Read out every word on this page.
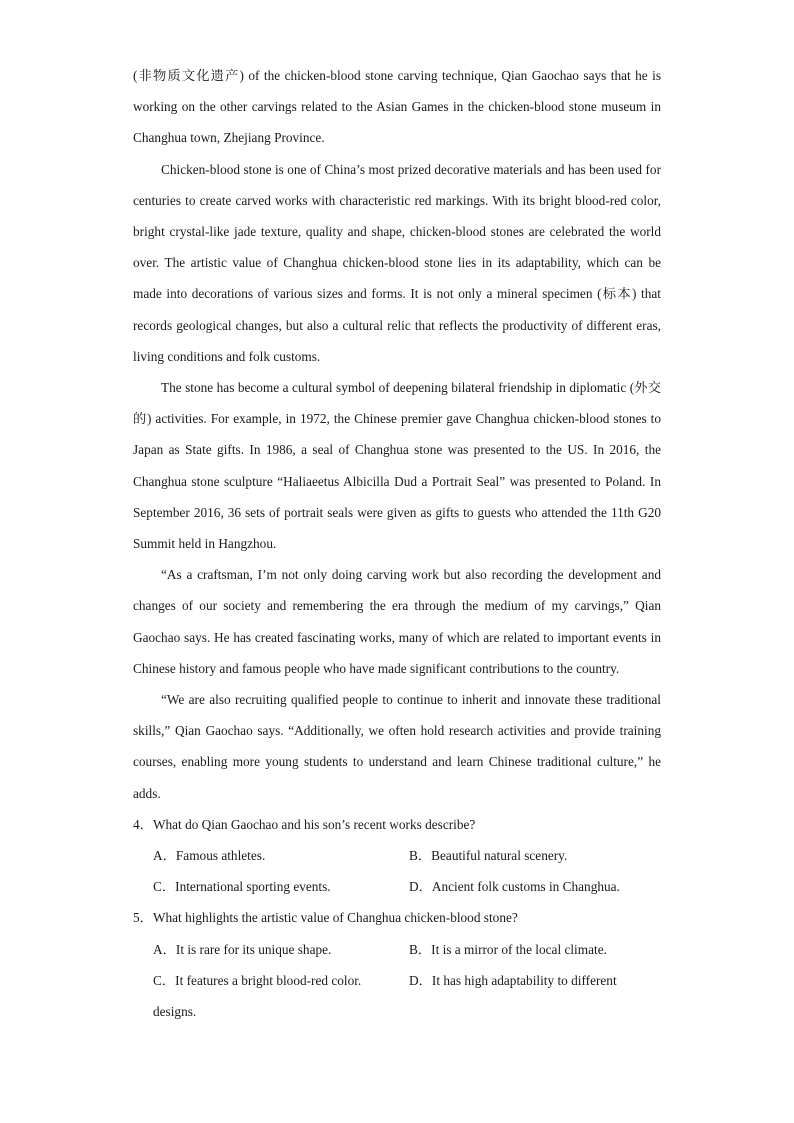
(非物质文化遗产) of the chicken-blood stone carving technique, Qian Gaochao says that he is working on the other carvings related to the Asian Games in the chicken-blood stone museum in Changhua town, Zhejiang Province.

Chicken-blood stone is one of China’s most prized decorative materials and has been used for centuries to create carved works with characteristic red markings. With its bright blood-red color, bright crystal-like jade texture, quality and shape, chicken-blood stones are celebrated the world over. The artistic value of Changhua chicken-blood stone lies in its adaptability, which can be made into decorations of various sizes and forms. It is not only a mineral specimen (标本) that records geological changes, but also a cultural relic that reflects the productivity of different eras, living conditions and folk customs.

The stone has become a cultural symbol of deepening bilateral friendship in diplomatic (外交的) activities. For example, in 1972, the Chinese premier gave Changhua chicken-blood stones to Japan as State gifts. In 1986, a seal of Changhua stone was presented to the US. In 2016, the Changhua stone sculpture “Haliaeetus Albicilla Dud a Portrait Seal” was presented to Poland. In September 2016, 36 sets of portrait seals were given as gifts to guests who attended the 11th G20 Summit held in Hangzhou.

“As a craftsman, I’m not only doing carving work but also recording the development and changes of our society and remembering the era through the medium of my carvings,” Qian Gaochao says. He has created fascinating works, many of which are related to important events in Chinese history and famous people who have made significant contributions to the country.

“We are also recruiting qualified people to continue to inherit and innovate these traditional skills,” Qian Gaochao says. “Additionally, we often hold research activities and provide training courses, enabling more young students to understand and learn Chinese traditional culture,” he adds.

4．What do Qian Gaochao and his son’s recent works describe?

A．Famous athletes.	B．Beautiful natural scenery.
C．International sporting events.	D．Ancient folk customs in Changhua.

5．What highlights the artistic value of Changhua chicken-blood stone?

A．It is rare for its unique shape.	B．It is a mirror of the local climate.
C．It features a bright blood-red color.	D．It has high adaptability to different
designs.
